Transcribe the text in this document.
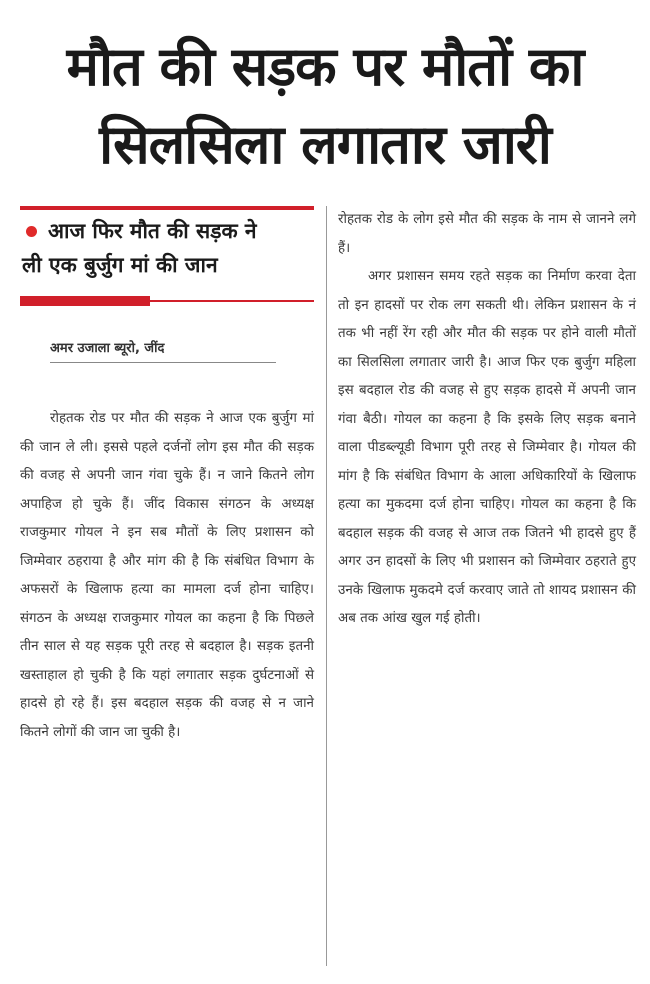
मौत की सड़क पर मौतों का
सिलसिला लगातार जारी
आज फिर मौत की सड़क ने
ली एक बुर्जुग मां की जान
अमर उजाला ब्यूरो, जींद

रोहतक रोड पर मौत की सड़क ने आज एक बुर्जुग मां की जान ले ली। इससे पहले दर्जनों लोग इस मौत की सड़क की वजह से अपनी जान गंवा चुके हैं। न जाने कितने लोग अपाहिज हो चुके हैं। जींद विकास संगठन के अध्यक्ष राजकुमार गोयल ने इन सब मौतों के लिए प्रशासन को जिम्मेवार ठहराया है और मांग की है कि संबंधित विभाग के अफसरों के खिलाफ हत्या का मामला दर्ज होना चाहिए। संगठन के अध्यक्ष राजकुमार गोयल का कहना है कि पिछले तीन साल से यह सड़क पूरी तरह से बदहाल है। सड़क इतनी खस्ताहाल हो चुकी है कि यहां लगातार सड़क दुर्घटनाओं से हादसे हो रहे हैं। इस बदहाल सड़क की वजह से न जाने कितने लोगों की जान जा चुकी है।

रोहतक रोड के लोग इसे मौत की सड़क के नाम से जानने लगे हैं।

अगर प्रशासन समय रहते सड़क का निर्माण करवा देता तो इन हादसों पर रोक लग सकती थी। लेकिन प्रशासन के नं तक भी नहीं रेंग रही और मौत की सड़क पर होने वाली मौतों का सिलसिला लगातार जारी है। आज फिर एक बुर्जुग महिला इस बदहाल रोड की वजह से हुए सड़क हादसे में अपनी जान गंवा बैठी। गोयल का कहना है कि इसके लिए सड़क बनाने वाला पीडब्ल्यूडी विभाग पूरी तरह से जिम्मेवार है। गोयल की मांग है कि संबंधित विभाग के आला अधिकारियों के खिलाफ हत्या का मुकदमा दर्ज होना चाहिए। गोयल का कहना है कि बदहाल सड़क की वजह से आज तक जितने भी हादसे हुए हैं अगर उन हादसों के लिए भी प्रशासन को जिम्मेवार ठहराते हुए उनके खिलाफ मुकदमे दर्ज करवाए जाते तो शायद प्रशासन की अब तक आंख खुल गई होती।
